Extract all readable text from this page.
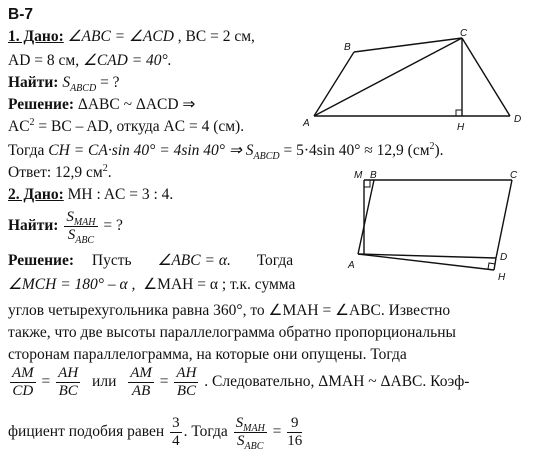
В-7
1. Дано: ∠ABC = ∠ACD , BC = 2 см,
AD = 8 см, ∠CAD = 40°.
Найти: $S_{ABCD}$ = ?
Решение: ΔABC ~ ΔACD ⇒
$AC^2$ = BC – AD, откуда AC = 4 (см).
Тогда CH = CA·sin 40° = 4sin 40° ⇒ $S_{ABCD} = 5\cdot 4\sin$ 40° ≈ 12,9 $(см^2)$.
Ответ: 12,9 $см^2$.
A
B
C
D
H
2. Дано: MH : AC = 3 : 4.
Найти: $\frac{S_{MAH}}{S_{ABC}}$ = ?
Решение: Пусть ∠ABC = α. Тогда
∠MCH = 180° – α , ∠MAH = α ; т.к. сумма
углов четырехугольника равна 360°, то ∠MAH = ∠ABC. Известно
также, что две высоты параллелограмма обратно пропорциональны
сторонам параллелограмма, на которые они опущены. Тогда
$\frac{AM}{CD} = \frac{AH}{BC}$ или $\frac{AM}{AB} = \frac{AH}{BC}$ . Следовательно, ΔMAH ~ ΔABC. Коэф-
фициент подобия равен $\frac{3}{4}$ . Тогда $\frac{S_{MAH}}{S_{ABC}} = \frac{9}{16}$
M B	C
A
D
H
